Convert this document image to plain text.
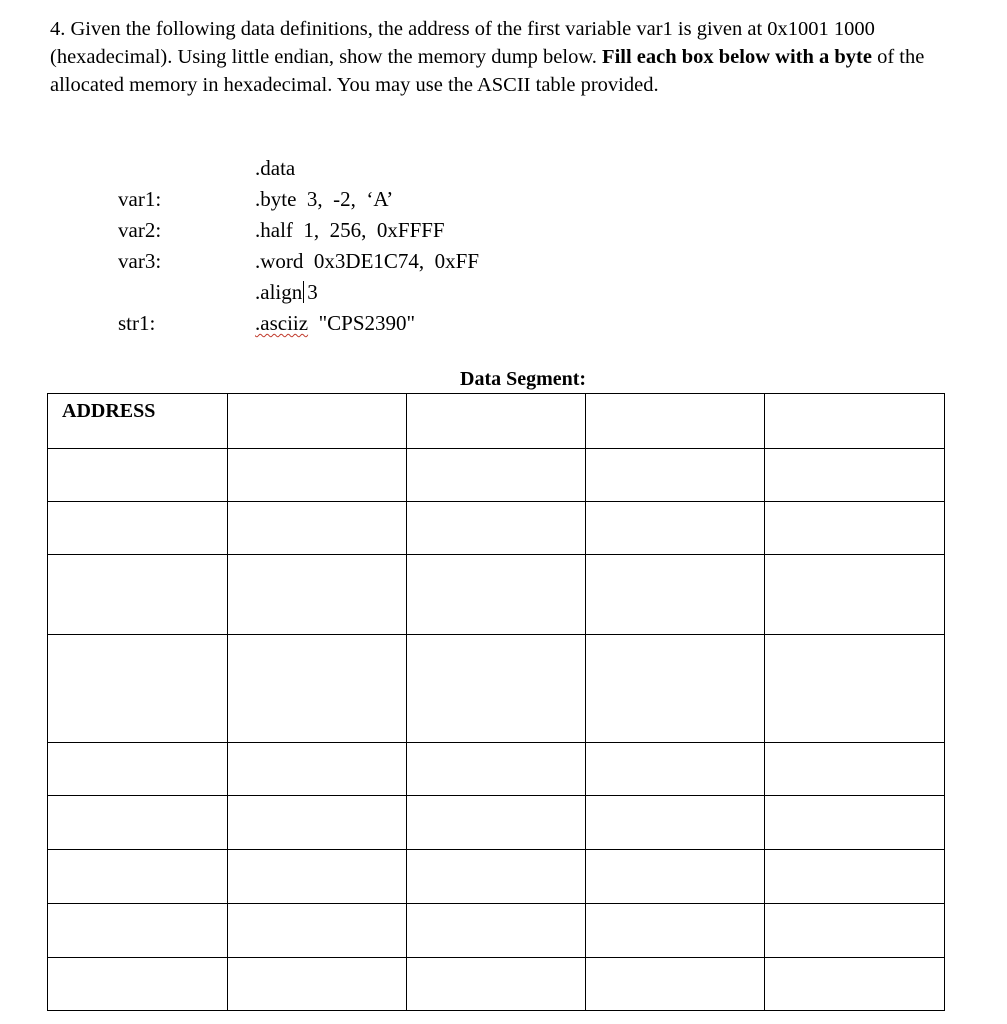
4. Given the following data definitions, the address of the first variable var1 is given at 0x1001 1000 (hexadecimal). Using little endian, show the memory dump below. Fill each box below with a byte of the allocated memory in hexadecimal. You may use the ASCII table provided.
.data
var1:	.byte  3,  -2,  ‘A’
var2:	.half  1,  256,  0xFFFF
var3:	.word  0x3DE1C74,  0xFF
.align 3
str1:	.asciiz "CPS2390"
Data Segment:
ADDRESS				
